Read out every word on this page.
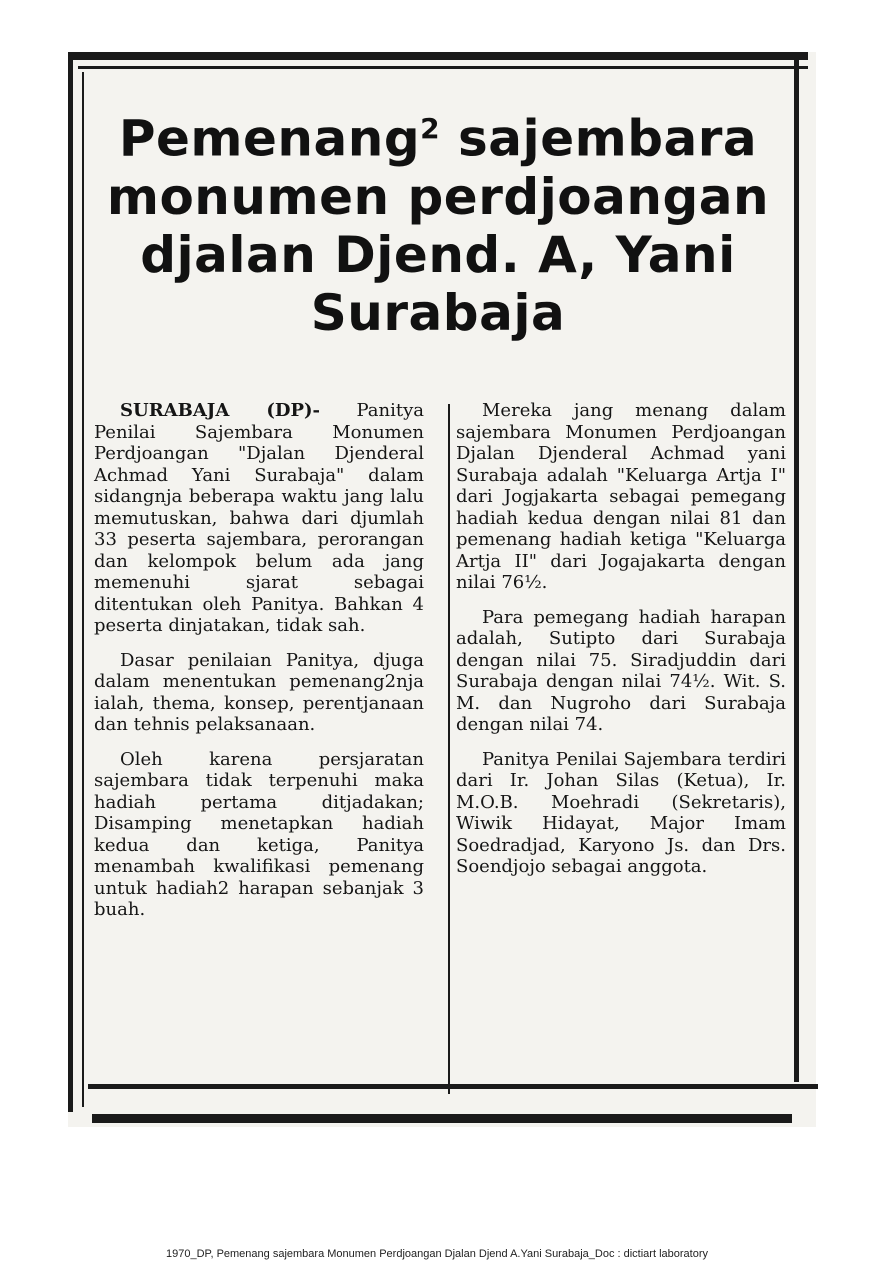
Pemenang$^2$ sajembara
monumen perdjoangan
djalan Djend. A, Yani
Surabaja

SURABAJA (DP)- Panitya Penilai Sajembara Monumen Perdjoangan "Djalan Djenderal Achmad Yani Surabaja" dalam sidangnja beberapa waktu jang lalu memutuskan, bahwa dari djumlah 33 peserta sajembara, perorangan dan kelompok belum ada jang memenuhi sjarat sebagai ditentukan oleh Panitya. Bahkan 4 peserta dinjatakan, tidak sah.

Dasar penilaian Panitya, djuga dalam menentukan pemenang2nja ialah, thema, konsep, perentjanaan dan tehnis pelaksanaan.

Oleh karena persjaratan sajembara tidak terpenuhi maka hadiah pertama ditjadakan; Disamping menetapkan hadiah kedua dan ketiga, Panitya menambah kwalifikasi pemenang untuk hadiah2 harapan sebanjak 3 buah.

Mereka jang menang dalam sajembara Monumen Perdjoangan Djalan Djenderal Achmad yani Surabaja adalah "Keluarga Artja I" dari Jogjakarta sebagai pemegang hadiah kedua dengan nilai 81 dan pemenang hadiah ketiga "Keluarga Artja II" dari Jogajakarta dengan nilai 76½.

Para pemegang hadiah harapan adalah, Sutipto dari Surabaja dengan nilai 75. Siradjuddin dari Surabaja dengan nilai 74½. Wit. S. M. dan Nugroho dari Surabaja dengan nilai 74.

Panitya Penilai Sajembara terdiri dari Ir. Johan Silas (Ketua), Ir. M.O.B. Moehradi (Sekretaris), Wiwik Hidayat, Major Imam Soedradjad, Karyono Js. dan Drs. Soendjojo sebagai anggota.

1970_DP, Pemenang sajembara Monumen Perdjoangan Djalan Djend A.Yani Surabaja_Doc : dictiart laboratory
